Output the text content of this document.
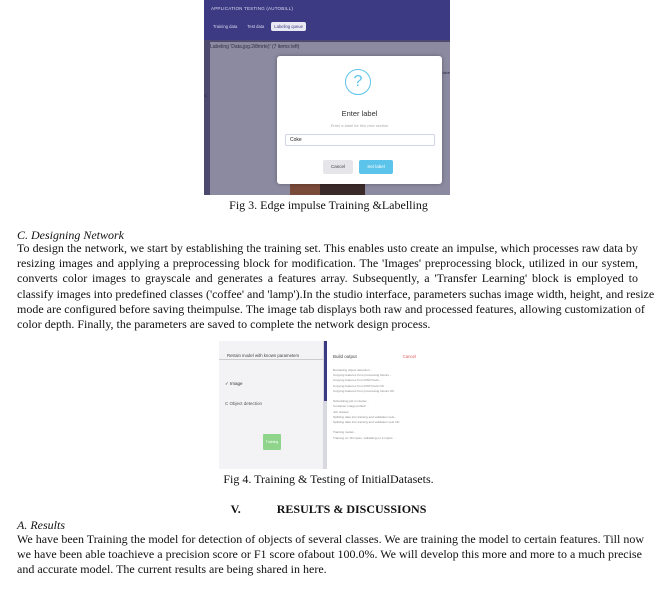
APPLICATION TESTING (AUTOBILL)
Training data	Test data	Labeling queue
Labeling 'Data.jpg.2i8mrte)' (7 items left)
labe
<
?
Enter label
Enter a label for this new section
Coke
Cancel	Set label
Fig 3. Edge impulse Training &Labelling
C. Designing Network
To design the network, we start by establishing the training set. This enables usto create an impulse, which processes raw data by
resizing images and applying a preprocessing block for modification. The 'Images' preprocessing block, utilized in our system,
converts color images to grayscale and generates a features array. Subsequently, a 'Transfer Learning' block is employed to
classify images into predefined classes ('coffee' and 'lamp').In the studio interface, parameters suchas image width, height, and resize
mode are configured before saving theimpulse. The image tab displays both raw and processed features, allowing customization of
color depth. Finally, the parameters are saved to complete the network design process.
Retrain model with known parameters
✓ Image
C Object detection
Training
Build output	Cancel
Retraining object detection...
Copying features from processing blocks...
Copying features from DSP block...
Copying features from DSP block OK
Copying features from processing blocks OK

Scheduling job in cluster...
Container image pulled!
Job started
Splitting data into training and validation sets...
Splitting data into training and validation sets OK

Training model...
Training on 16 inputs, validating on 4 inputs
Fig 4. Training & Testing of InitialDatasets.
V.	RESULTS & DISCUSSIONS
A. Results
We have been Training the model for detection of objects of several classes. We are training the model to certain features. Till now
we have been able toachieve a precision score or F1 score ofabout 100.0%. We will develop this more and more to a much precise
and accurate model. The current results are being shared in here.
